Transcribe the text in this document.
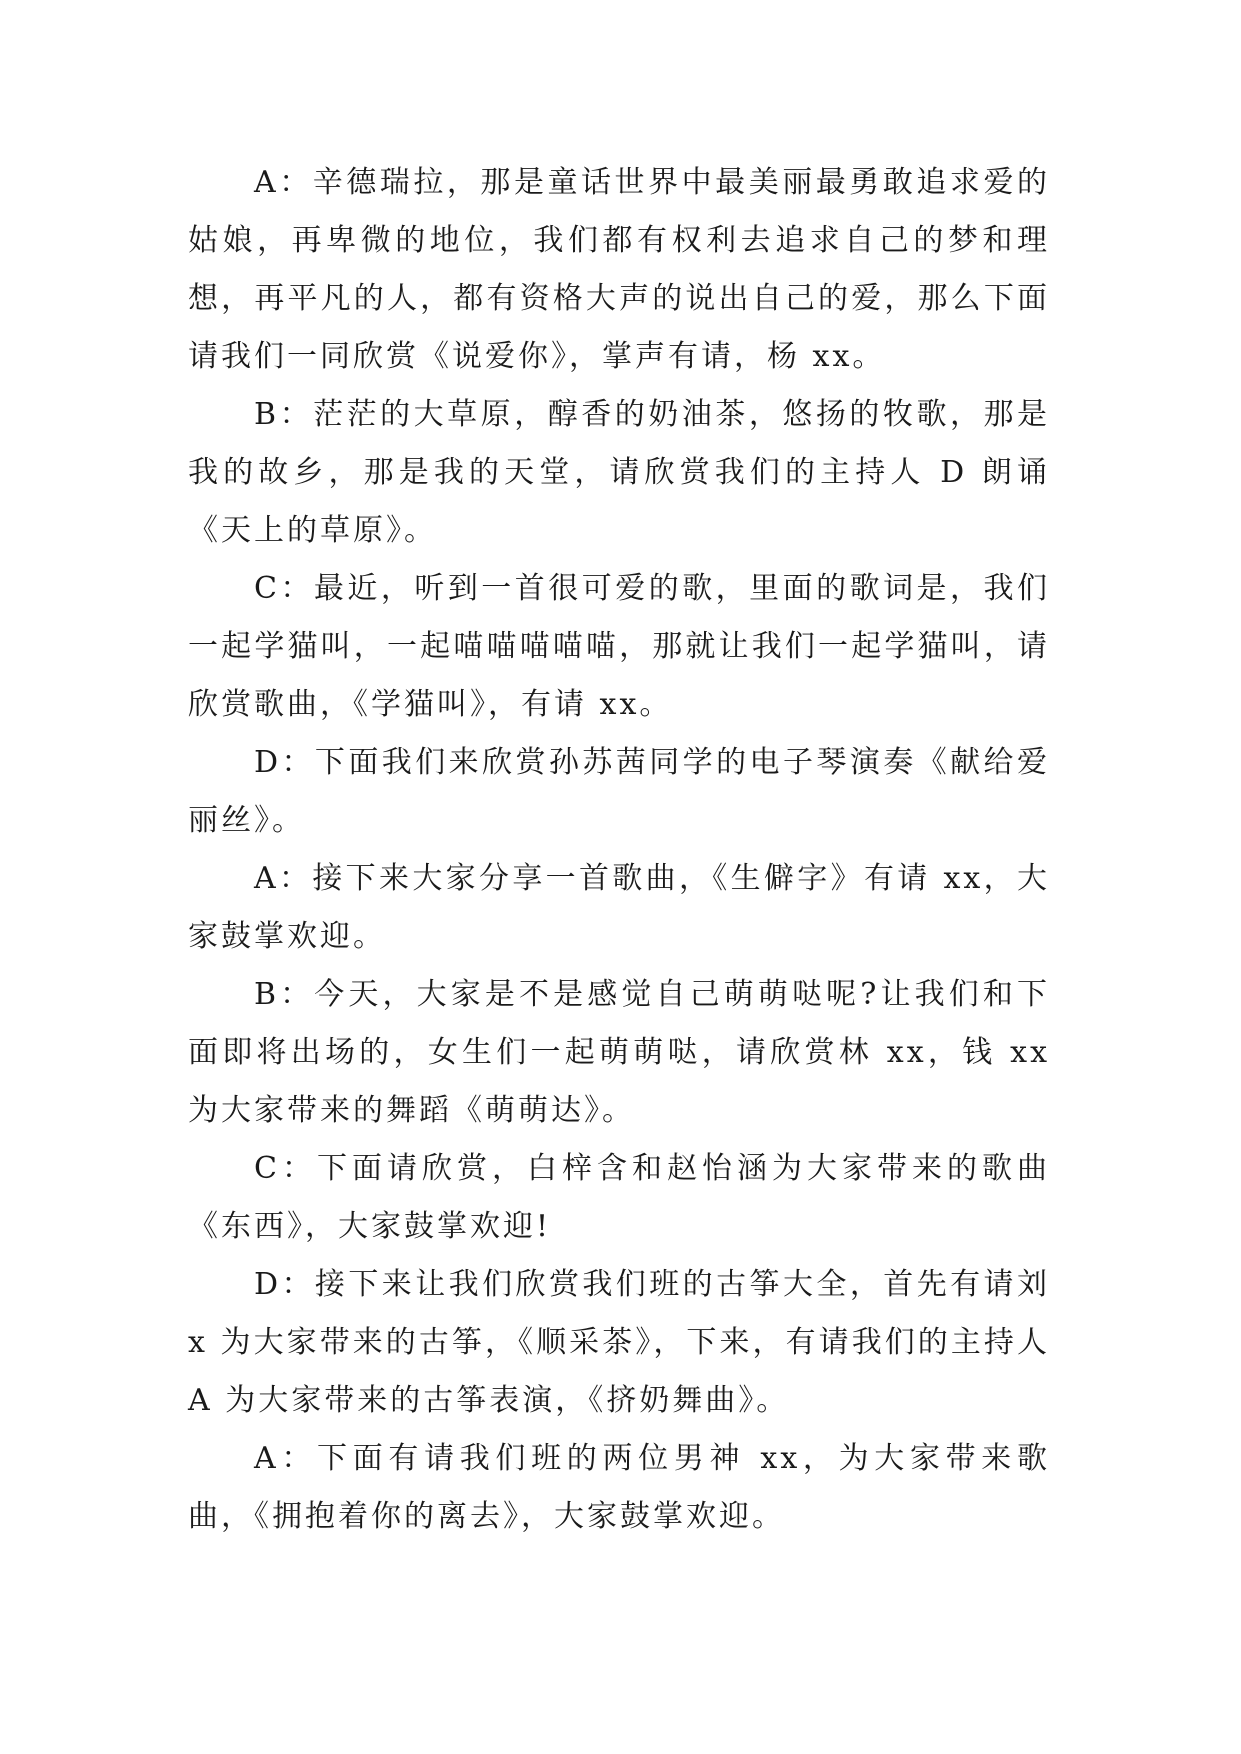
A：辛德瑞拉，那是童话世界中最美丽最勇敢追求爱的姑娘，再卑微的地位，我们都有权利去追求自己的梦和理想，再平凡的人，都有资格大声的说出自己的爱，那么下面请我们一同欣赏《说爱你》，掌声有请，杨 xx。

B：茫茫的大草原，醇香的奶油茶，悠扬的牧歌，那是我的故乡，那是我的天堂，请欣赏我们的主持人 D 朗诵《天上的草原》。

C：最近，听到一首很可爱的歌，里面的歌词是，我们一起学猫叫，一起喵喵喵喵喵，那就让我们一起学猫叫，请欣赏歌曲，《学猫叫》，有请 xx。

D：下面我们来欣赏孙苏茜同学的电子琴演奏《献给爱丽丝》。

A：接下来大家分享一首歌曲，《生僻字》有请 xx，大家鼓掌欢迎。

B：今天，大家是不是感觉自己萌萌哒呢?让我们和下面即将出场的，女生们一起萌萌哒，请欣赏林 xx，钱 xx 为大家带来的舞蹈《萌萌达》。

C：下面请欣赏，白梓含和赵怡涵为大家带来的歌曲《东西》，大家鼓掌欢迎!

D：接下来让我们欣赏我们班的古筝大全，首先有请刘 x 为大家带来的古筝，《顺采茶》，下来，有请我们的主持人 A 为大家带来的古筝表演，《挤奶舞曲》。

A：下面有请我们班的两位男神 xx，为大家带来歌曲，《拥抱着你的离去》，大家鼓掌欢迎。
